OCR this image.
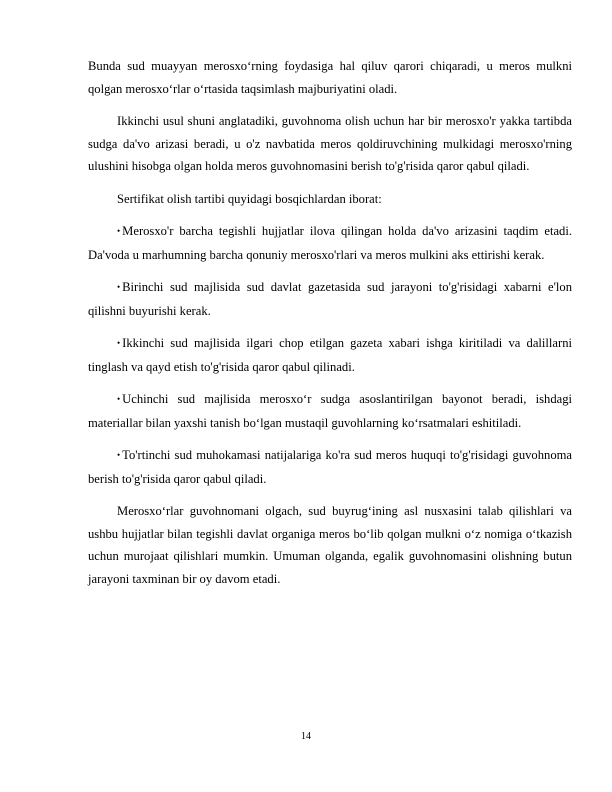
Bunda sud muayyan merosxo‘rning foydasiga hal qiluv qarori chiqaradi, u meros mulkni qolgan merosxo‘rlar o‘rtasida taqsimlash majburiyatini oladi.

Ikkinchi usul shuni anglatadiki, guvohnoma olish uchun har bir merosxo'r yakka tartibda sudga da'vo arizasi beradi, u o'z navbatida meros qoldiruvchining mulkidagi merosxo'rning ulushini hisobga olgan holda meros guvohnomasini berish to'g'risida qaror qabul qiladi.

Sertifikat olish tartibi quyidagi bosqichlardan iborat:

• Merosxo'r barcha tegishli hujjatlar ilova qilingan holda da'vo arizasini taqdim etadi. Da'voda u marhumning barcha qonuniy merosxo'rlari va meros mulkini aks ettirishi kerak.

• Birinchi sud majlisida sud davlat gazetasida sud jarayoni to'g'risidagi xabarni e'lon qilishni buyurishi kerak.

• Ikkinchi sud majlisida ilgari chop etilgan gazeta xabari ishga kiritiladi va dalillarni tinglash va qayd etish to'g'risida qaror qabul qilinadi.

• Uchinchi sud majlisida merosxo‘r sudga asoslantirilgan bayonot beradi, ishdagi materiallar bilan yaxshi tanish bo‘lgan mustaqil guvohlarning ko‘rsatmalari eshitiladi.

• To'rtinchi sud muhokamasi natijalariga ko'ra sud meros huquqi to'g'risidagi guvohnoma berish to'g'risida qaror qabul qiladi.

Merosxo‘rlar guvohnomani olgach, sud buyrug‘ining asl nusxasini talab qilishlari va ushbu hujjatlar bilan tegishli davlat organiga meros bo‘lib qolgan mulkni o‘z nomiga o‘tkazish uchun murojaat qilishlari mumkin. Umuman olganda, egalik guvohnomasini olishning butun jarayoni taxminan bir oy davom etadi.

14
